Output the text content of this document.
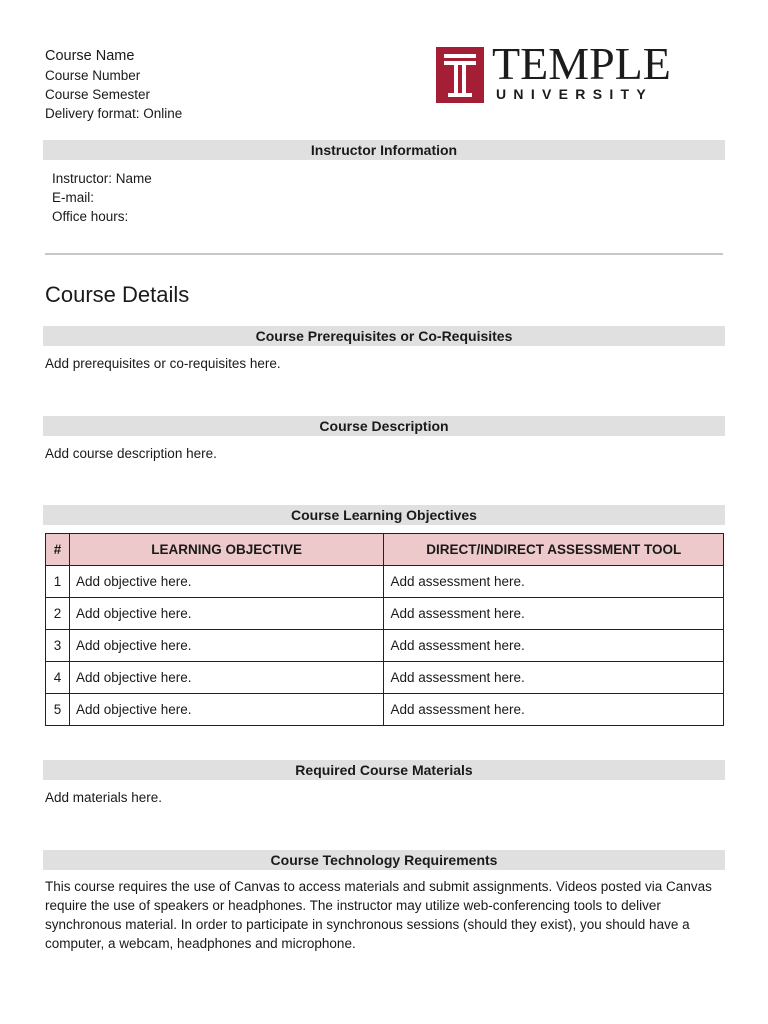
Course Name
Course Number
Course Semester
Delivery format: Online
TEMPLE
UNIVERSITY
Instructor Information
Instructor: Name
E-mail:
Office hours:
Course Details
Course Prerequisites or Co-Requisites
Add prerequisites or co-requisites here.
Course Description
Add course description here.
Course Learning Objectives
#	LEARNING OBJECTIVE	DIRECT/INDIRECT ASSESSMENT TOOL
1	Add objective here.	Add assessment here.
2	Add objective here.	Add assessment here.
3	Add objective here.	Add assessment here.
4	Add objective here.	Add assessment here.
5	Add objective here.	Add assessment here.
Required Course Materials
Add materials here.
Course Technology Requirements
This course requires the use of Canvas to access materials and submit assignments. Videos posted via Canvas
require the use of speakers or headphones. The instructor may utilize web-conferencing tools to deliver
synchronous material. In order to participate in synchronous sessions (should they exist), you should have a
computer, a webcam, headphones and microphone.
